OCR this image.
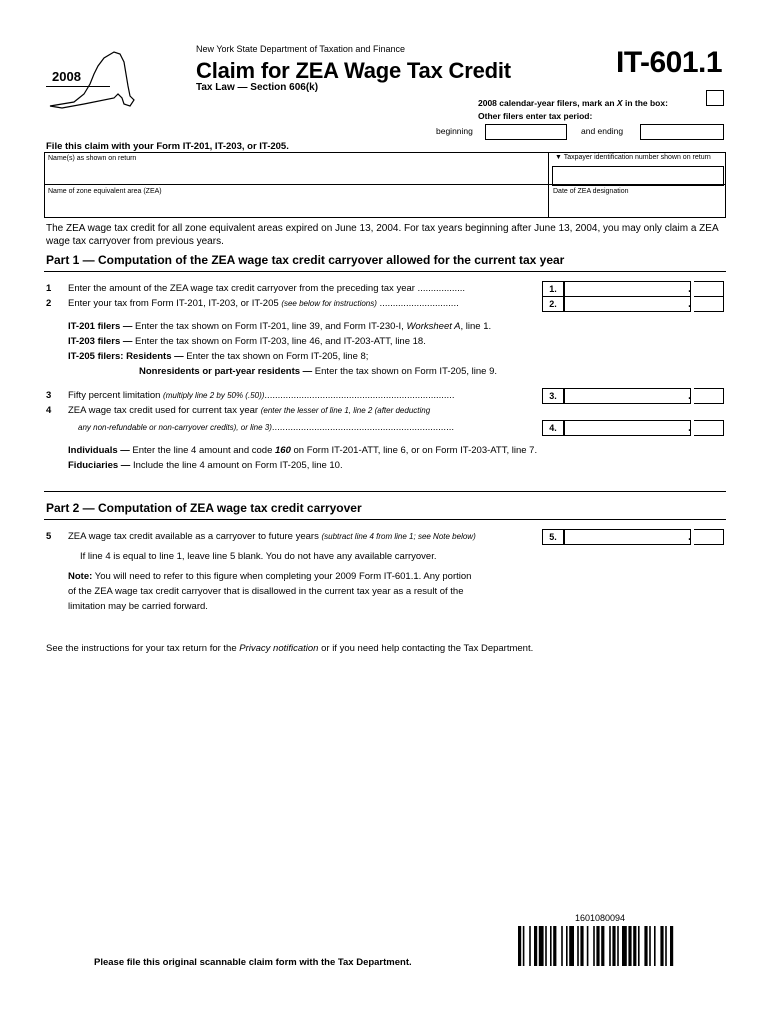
2008
New York State Department of Taxation and Finance
Claim for ZEA Wage Tax Credit
Tax Law — Section 606(k)
IT-601.1
2008 calendar-year filers, mark an X in the box:
Other filers enter tax period:
beginning	and ending
File this claim with your Form IT-201, IT-203, or IT-205.
Name(s) as shown on return	▼ Taxpayer identification number shown on return
Name of zone equivalent area (ZEA)	Date of ZEA designation
The ZEA wage tax credit for all zone equivalent areas expired on June 13, 2004. For tax years beginning after June 13, 2004, you may only claim a ZEA wage tax carryover from previous years.
Part 1 — Computation of the ZEA wage tax credit carryover allowed for the current tax year
1 Enter the amount of the ZEA wage tax credit carryover from the preceding tax year ..................	1.	.
2 Enter your tax from Form IT-201, IT-203, or IT-205 (see below for instructions) ..............................	2.	.
IT-201 filers — Enter the tax shown on Form IT-201, line 39, and Form IT-230-I, Worksheet A, line 1.
IT-203 filers — Enter the tax shown on Form IT-203, line 46, and IT-203-ATT, line 18.
IT-205 filers: Residents — Enter the tax shown on Form IT-205, line 8;
Nonresidents or part-year residents — Enter the tax shown on Form IT-205, line 9.
3 Fifty percent limitation (multiply line 2 by 50% (.50))........................................................................	3.	.
4 ZEA wage tax credit used for current tax year (enter the lesser of line 1, line 2 (after deducting
any non-refundable or non-carryover credits), or line 3).....................................................................	4.	.
Individuals — Enter the line 4 amount and code 160 on Form IT-201-ATT, line 6, or on Form IT-203-ATT, line 7.
Fiduciaries — Include the line 4 amount on Form IT-205, line 10.
Part 2 — Computation of ZEA wage tax credit carryover
5 ZEA wage tax credit available as a carryover to future years (subtract line 4 from line 1; see Note below)	5.	.
If line 4 is equal to line 1, leave line 5 blank. You do not have any available carryover.
Note: You will need to refer to this figure when completing your 2009 Form IT-601.1. Any portion
of the ZEA wage tax credit carryover that is disallowed in the current tax year as a result of the
limitation may be carried forward.
See the instructions for your tax return for the Privacy notification or if you need help contacting the Tax Department.
1601080094
Please file this original scannable claim form with the Tax Department.
